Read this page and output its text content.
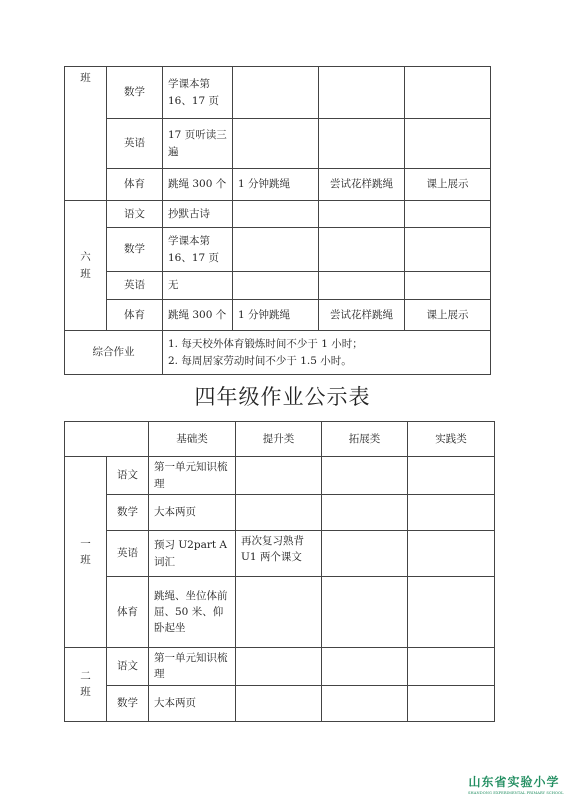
班	数学	学课本第
16、17 页			

	英语	17 页听读三
遍			

	体育	跳绳 300 个	1 分钟跳绳	尝试花样跳绳	课上展示

六
班	语文	抄默古诗			
	数学	学课本第
16、17 页			

	英语	无			
	体育	跳绳 300 个	1 分钟跳绳	尝试花样跳绳	课上展示
综合作业		1. 每天校外体育锻炼时间不少于 1 小时；
2. 每周居家劳动时间不少于 1.5 小时。			
四年级作业公示表
		基础类	提升类	拓展类	实践类

一
班	语文	第一单元知识梳
理			

	数学	大本两页			
	英语	预习 U2part A
词汇	再次复习熟背
U1 两个课文		

	体育	跳绳、坐位体前
屈、50 米、仰
卧起坐			

二
班	语文	第一单元知识梳
理			

	数学	大本两页			
山东省实验小学
SHANDONG EXPERIMENTAL PRIMARY SCHOOL
